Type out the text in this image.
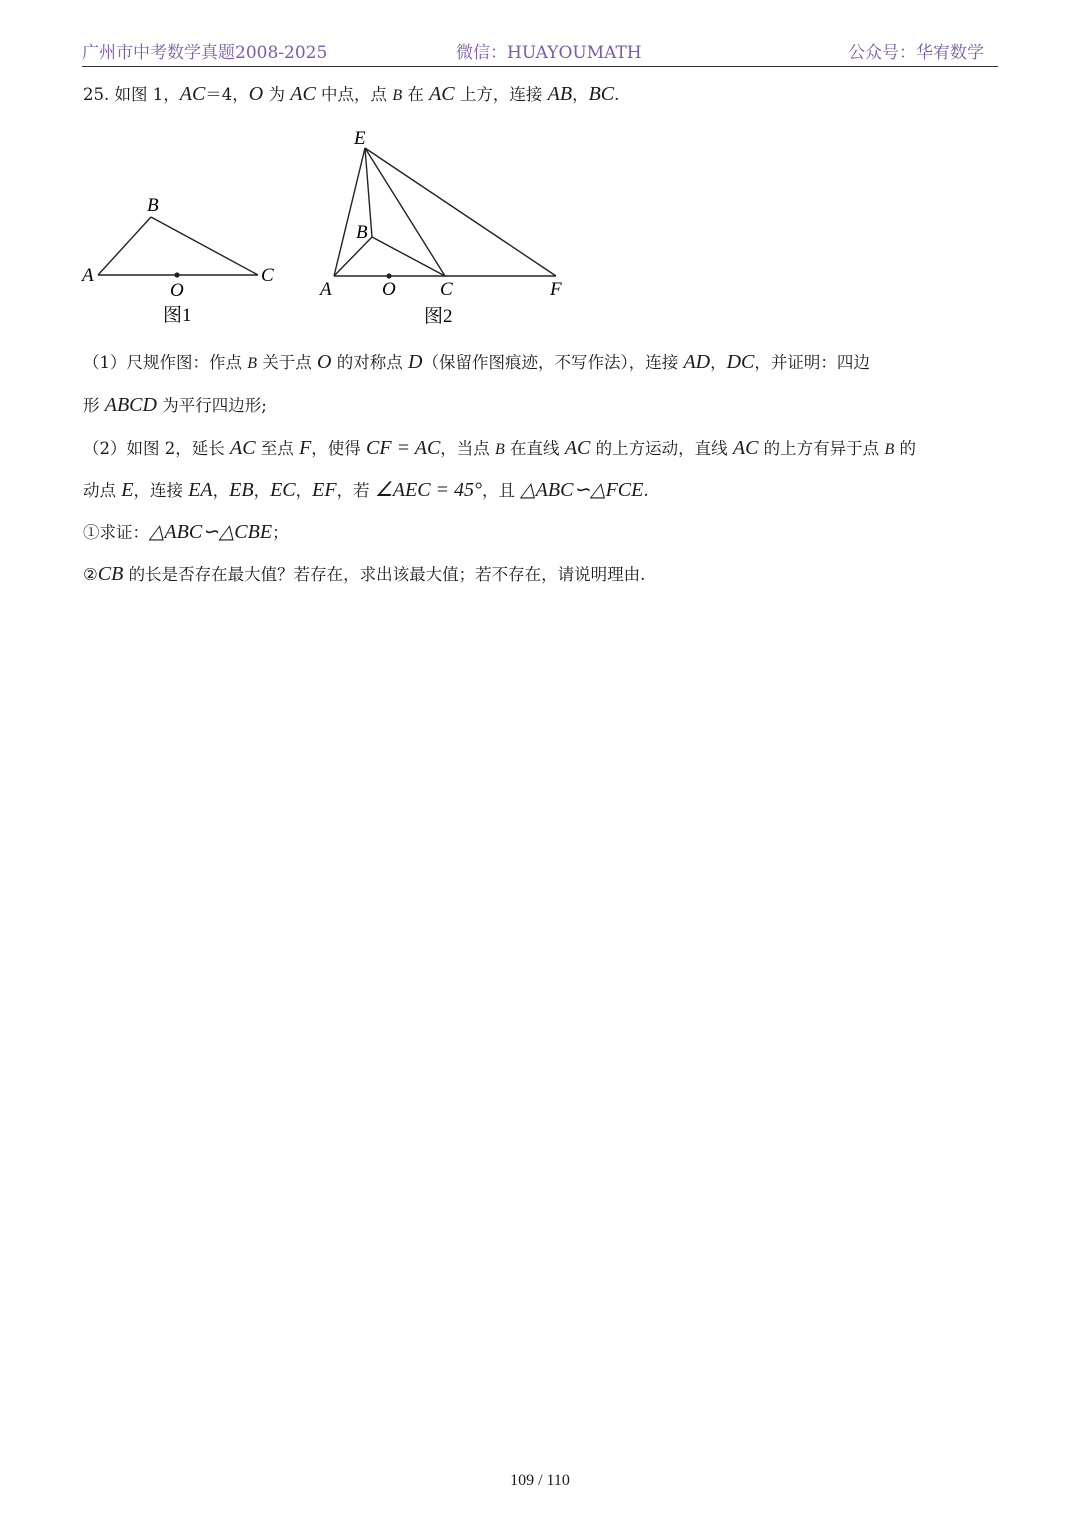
广州市中考数学真题2008-2025	微信：HUAYOUMATH	公众号：华宥数学
25. 如图 1，AC＝4，O 为 AC 中点，点 B 在 AC 上方，连接 AB，BC.
A
B
C
O
图1
E
B
A	O C	F
图2
（1）尺规作图：作点 B 关于点 O 的对称点 D（保留作图痕迹，不写作法），连接 AD，DC，并证明：四边
形 ABCD 为平行四边形;
（2）如图 2，延长 AC 至点 F，使得 CF = AC，当点 B 在直线 AC 的上方运动，直线 AC 的上方有异于点 B 的
动点 E，连接 EA，EB，EC，EF，若 ∠AEC = 45°，且 △ABC∽△FCE.
①求证：△ABC∽△CBE；
②CB 的长是否存在最大值？若存在，求出该最大值；若不存在，请说明理由.
109 / 110
